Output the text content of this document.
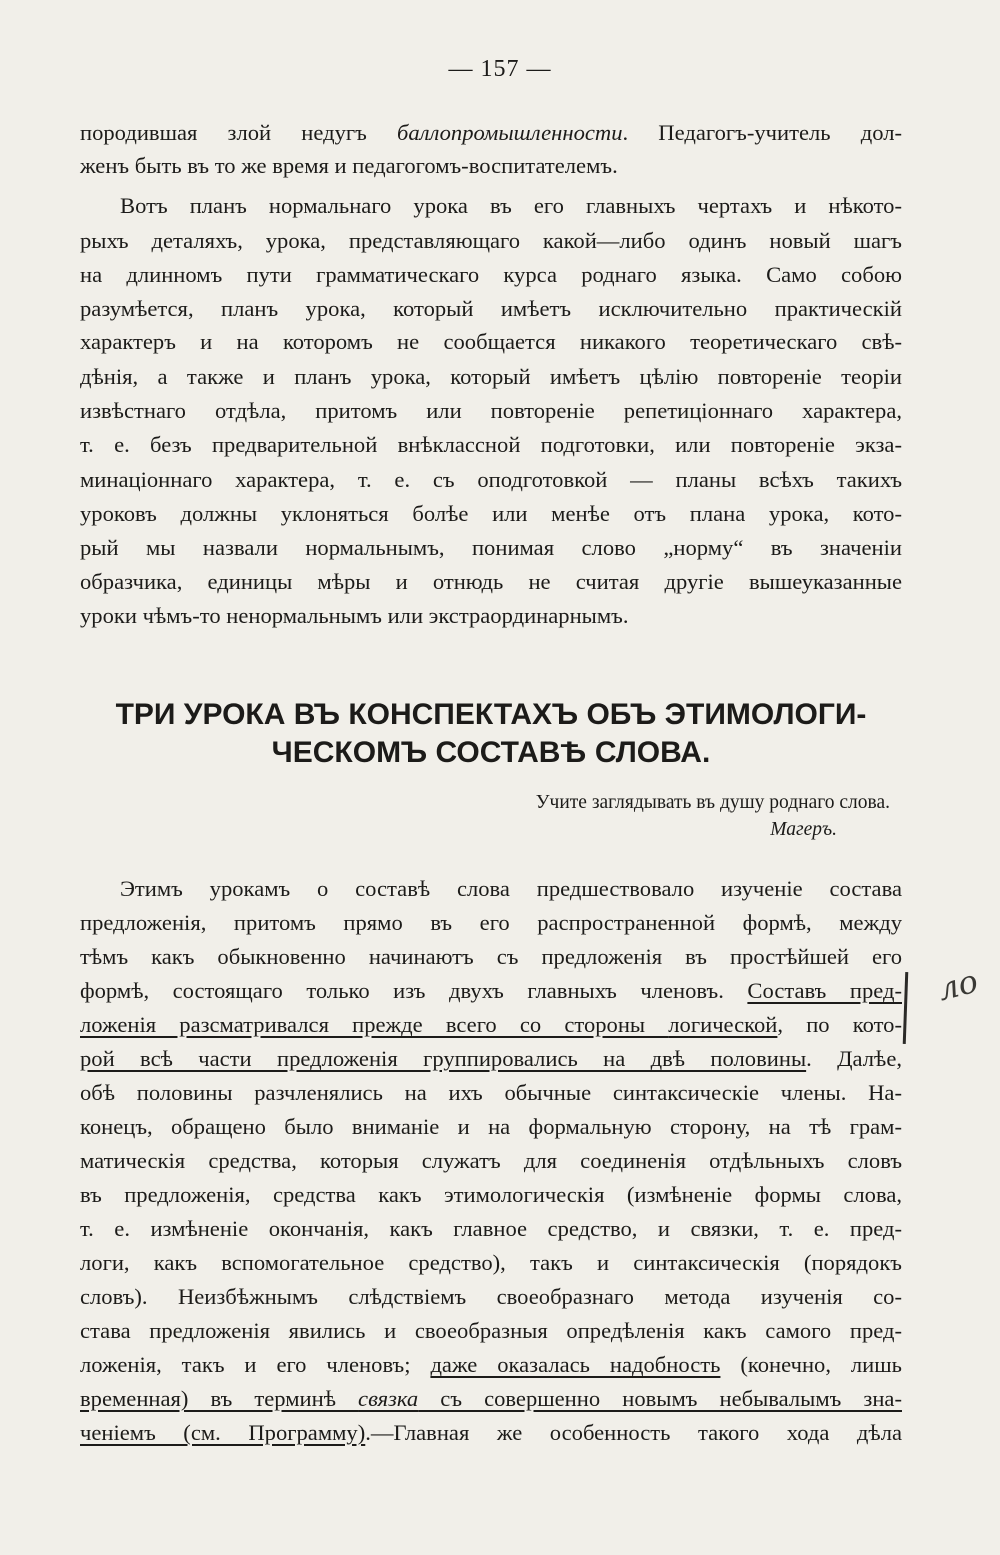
— 157 —
породившая злой недугъ баллопромышленности. Педагогъ-учитель дол-
женъ быть въ то же время и педагогомъ-воспитателемъ.
Вотъ планъ нормальнаго урока въ его главныхъ чертахъ и нѣкото-
рыхъ деталяхъ, урока, представляющаго какой—либо одинъ новый шагъ
на длинномъ пути грамматическаго курса роднаго языка. Само собою
разумѣется, планъ урока, который имѣетъ исключительно практическій
характеръ и на которомъ не сообщается никакого теоретическаго свѣ-
дѣнія, а также и планъ урока, который имѣетъ цѣлію повтореніе теоріи
извѣстнаго отдѣла, притомъ или повтореніе репетиціоннаго характера,
т. е. безъ предварительной внѣклассной подготовки, или повтореніе экза-
минаціоннаго характера, т. е. съ оподготовкой — планы всѣхъ такихъ
уроковъ должны уклоняться болѣе или менѣе отъ плана урока, кото-
рый мы назвали нормальнымъ, понимая слово „норму“ въ значеніи
образчика, единицы мѣры и отнюдь не считая другіе вышеуказанные
уроки чѣмъ-то ненормальнымъ или экстраординарнымъ.
ТРИ УРОКА ВЪ КОНСПЕКТАХЪ ОБЪ ЭТИМОЛОГИ-
ЧЕСКОМЪ СОСТАВѢ СЛОВА.
Учите заглядывать въ душу роднаго слова.
Магеръ.
Этимъ урокамъ о составѣ слова предшествовало изученіе состава
предложенія, притомъ прямо въ его распространенной формѣ, между
тѣмъ какъ обыкновенно начинаютъ съ предложенія въ простѣйшей его
формѣ, состоящаго только изъ двухъ главныхъ членовъ. Составъ пред-
ложенія разсматривался прежде всего со стороны логической, по кото-
рой всѣ части предложенія группировались на двѣ половины. Далѣе,
обѣ половины разчленялись на ихъ обычные синтаксическіе члены. На-
конецъ, обращено было вниманіе и на формальную сторону, на тѣ грам-
матическія средства, которыя служатъ для соединенія отдѣльныхъ словъ
въ предложенія, средства какъ этимологическія (измѣненіе формы слова,
т. е. измѣненіе окончанія, какъ главное средство, и связки, т. е. пред-
логи, какъ вспомогательное средство), такъ и синтаксическія (порядокъ
словъ). Неизбѣжнымъ слѣдствіемъ своеобразнаго метода изученія со-
става предложенія явились и своеобразныя опредѣленія какъ самого пред-
ложенія, такъ и его членовъ; даже оказалась надобность (конечно, лишь
временная) въ терминѣ связка съ совершенно новымъ небывалымъ зна-
ченіемъ (см. Программу).—Главная же особенность такого хода дѣла
ло
